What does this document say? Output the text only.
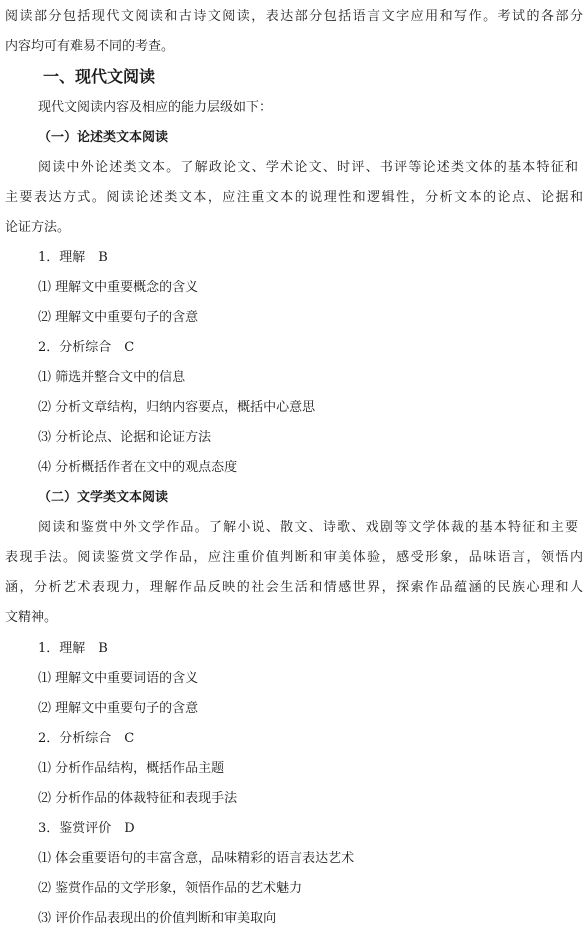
阅读部分包括现代文阅读和古诗文阅读，表达部分包括语言文字应用和写作。考试的各部分
内容均可有难易不同的考查。
一、现代文阅读
现代文阅读内容及相应的能力层级如下：
（一）论述类文本阅读
阅读中外论述类文本。了解政论文、学术论文、时评、书评等论述类文体的基本特征和
主要表达方式。阅读论述类文本，应注重文本的说理性和逻辑性，分析文本的论点、论据和
论证方法。
1．理解　B
⑴ 理解文中重要概念的含义
⑵ 理解文中重要句子的含意
2．分析综合　C
⑴ 筛选并整合文中的信息
⑵ 分析文章结构，归纳内容要点，概括中心意思
⑶ 分析论点、论据和论证方法
⑷ 分析概括作者在文中的观点态度
（二）文学类文本阅读
阅读和鉴赏中外文学作品。了解小说、散文、诗歌、戏剧等文学体裁的基本特征和主要
表现手法。阅读鉴赏文学作品，应注重价值判断和审美体验，感受形象，品味语言，领悟内
涵，分析艺术表现力，理解作品反映的社会生活和情感世界，探索作品蕴涵的民族心理和人
文精神。
1．理解　B
⑴ 理解文中重要词语的含义
⑵ 理解文中重要句子的含意
2．分析综合　C
⑴ 分析作品结构，概括作品主题
⑵ 分析作品的体裁特征和表现手法
3．鉴赏评价　D
⑴ 体会重要语句的丰富含意，品味精彩的语言表达艺术
⑵ 鉴赏作品的文学形象，领悟作品的艺术魅力
⑶ 评价作品表现出的价值判断和审美取向
